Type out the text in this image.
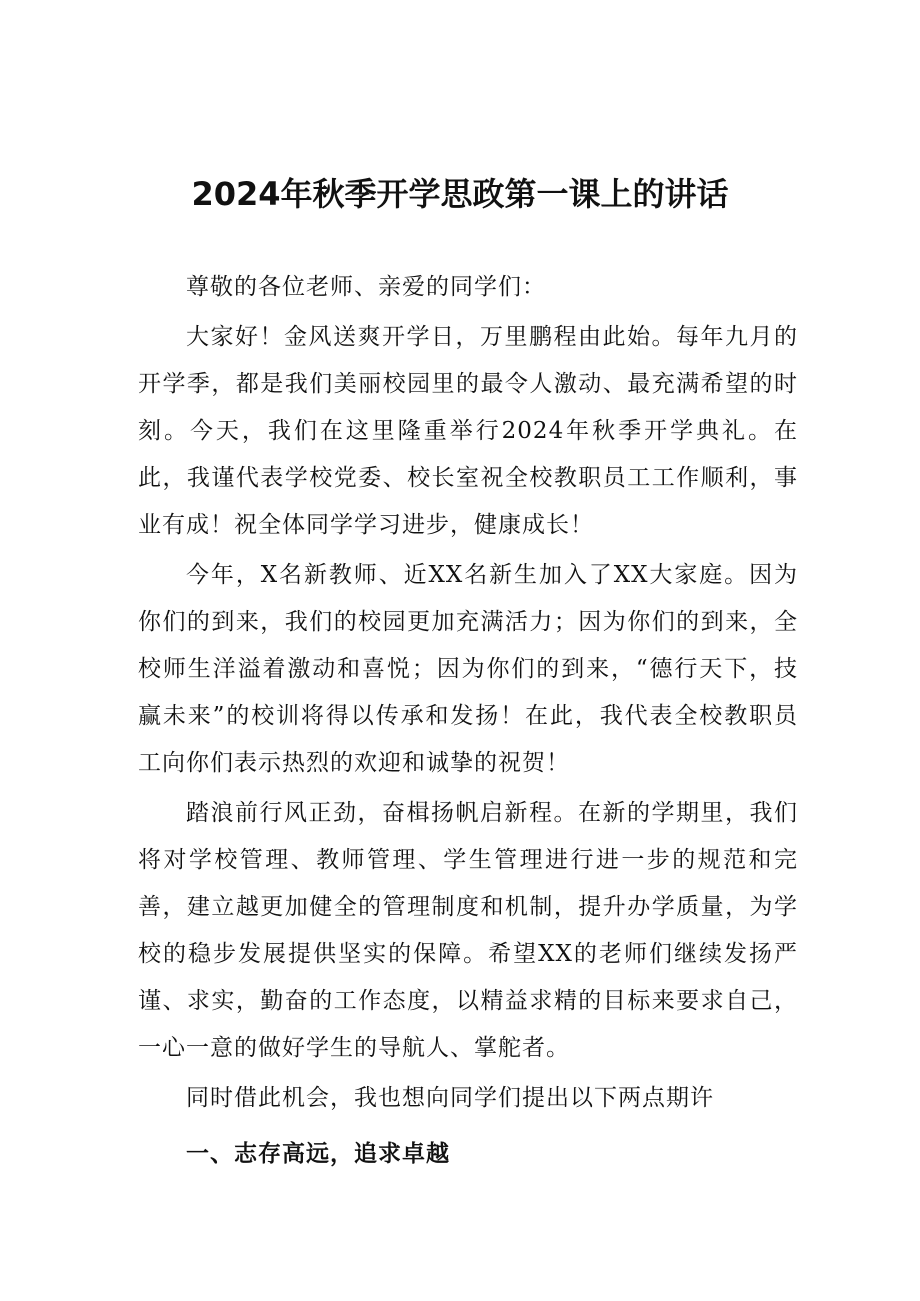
2024年秋季开学思政第一课上的讲话

尊敬的各位老师、亲爱的同学们：

大家好！金风送爽开学日，万里鹏程由此始。每年九月的开学季，都是我们美丽校园里的最令人激动、最充满希望的时刻。今天，我们在这里隆重举行2024年秋季开学典礼。在此，我谨代表学校党委、校长室祝全校教职员工工作顺利，事业有成！祝全体同学学习进步，健康成长！

今年，X名新教师、近XX名新生加入了XX大家庭。因为你们的到来，我们的校园更加充满活力；因为你们的到来，全校师生洋溢着激动和喜悦；因为你们的到来，“德行天下，技赢未来”的校训将得以传承和发扬！在此，我代表全校教职员工向你们表示热烈的欢迎和诚挚的祝贺！

踏浪前行风正劲，奋楫扬帆启新程。在新的学期里，我们将对学校管理、教师管理、学生管理进行进一步的规范和完善，建立越更加健全的管理制度和机制，提升办学质量，为学校的稳步发展提供坚实的保障。希望XX的老师们继续发扬严谨、求实，勤奋的工作态度，以精益求精的目标来要求自己，一心一意的做好学生的导航人、掌舵者。

同时借此机会，我也想向同学们提出以下两点期许

一、志存高远，追求卓越
